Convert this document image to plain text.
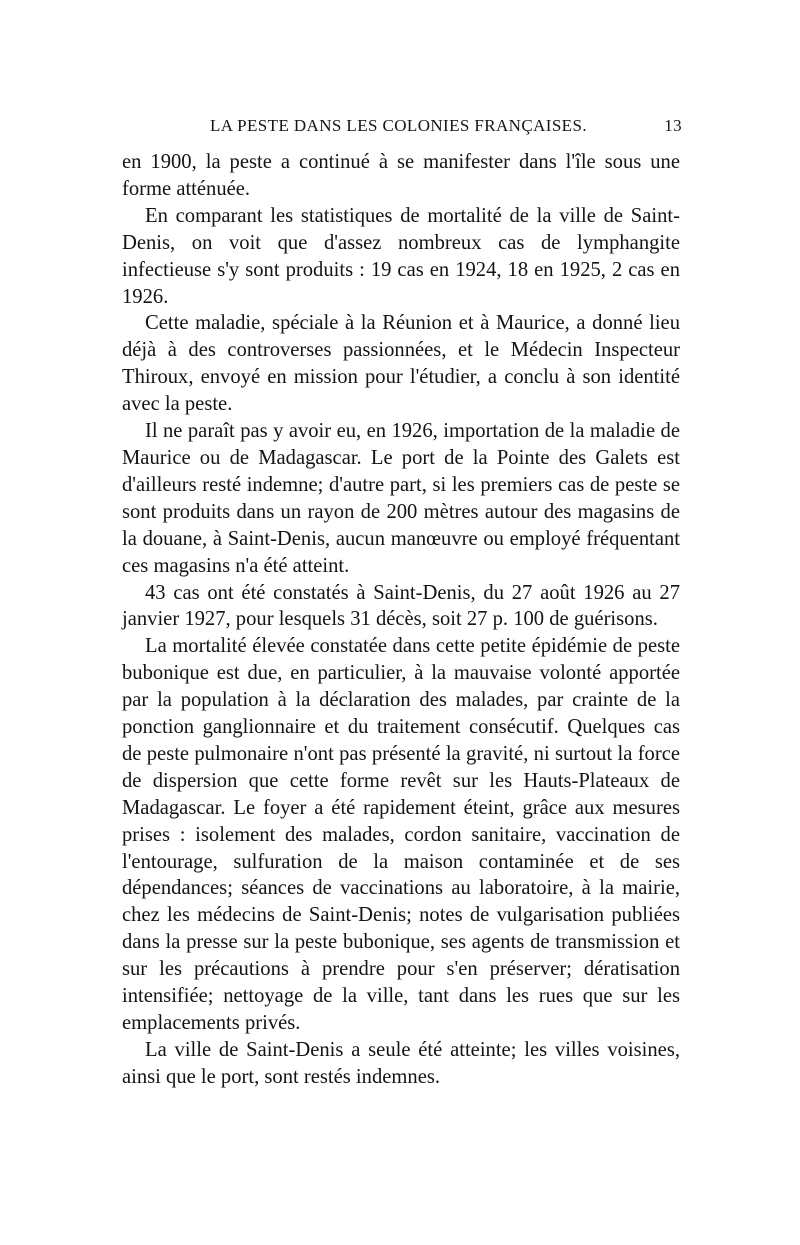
LA PESTE DANS LES COLONIES FRANÇAISES.	13

en 1900, la peste a continué à se manifester dans l'île sous une forme atténuée.

En comparant les statistiques de mortalité de la ville de Saint-Denis, on voit que d'assez nombreux cas de lymphangite infectieuse s'y sont produits : 19 cas en 1924, 18 en 1925, 2 cas en 1926.

Cette maladie, spéciale à la Réunion et à Maurice, a donné lieu déjà à des controverses passionnées, et le Médecin Inspecteur Thiroux, envoyé en mission pour l'étudier, a conclu à son identité avec la peste.

Il ne paraît pas y avoir eu, en 1926, importation de la maladie de Maurice ou de Madagascar. Le port de la Pointe des Galets est d'ailleurs resté indemne; d'autre part, si les premiers cas de peste se sont produits dans un rayon de 200 mètres autour des magasins de la douane, à Saint-Denis, aucun manœuvre ou employé fréquentant ces magasins n'a été atteint.

43 cas ont été constatés à Saint-Denis, du 27 août 1926 au 27 janvier 1927, pour lesquels 31 décès, soit 27 p. 100 de guérisons.

La mortalité élevée constatée dans cette petite épidémie de peste bubonique est due, en particulier, à la mauvaise volonté apportée par la population à la déclaration des malades, par crainte de la ponction ganglionnaire et du traitement consécutif. Quelques cas de peste pulmonaire n'ont pas présenté la gravité, ni surtout la force de dispersion que cette forme revêt sur les Hauts-Plateaux de Madagascar. Le foyer a été rapidement éteint, grâce aux mesures prises : isolement des malades, cordon sanitaire, vaccination de l'entourage, sulfuration de la maison contaminée et de ses dépendances; séances de vaccinations au laboratoire, à la mairie, chez les médecins de Saint-Denis; notes de vulgarisation publiées dans la presse sur la peste bubonique, ses agents de transmission et sur les précautions à prendre pour s'en préserver; dératisation intensifiée; nettoyage de la ville, tant dans les rues que sur les emplacements privés.

La ville de Saint-Denis a seule été atteinte; les villes voisines, ainsi que le port, sont restés indemnes.
